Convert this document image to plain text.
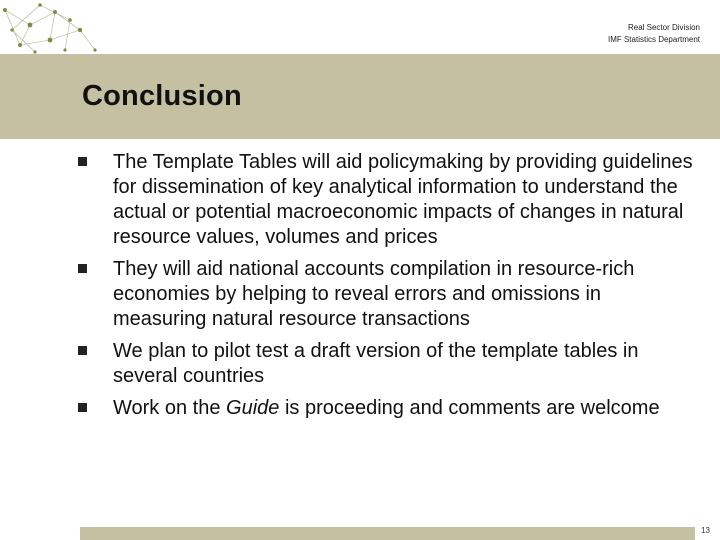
Real Sector Division
IMF Statistics Department
Conclusion
The Template Tables will aid policymaking by providing guidelines for dissemination of key analytical information to understand the actual or potential macroeconomic impacts of changes in natural resource values, volumes and prices
They will aid national accounts compilation in resource-rich economies by helping to reveal errors and omissions in measuring natural resource transactions
We plan to pilot test a draft version of the template tables in several countries
Work on the Guide is proceeding and comments are welcome
13
